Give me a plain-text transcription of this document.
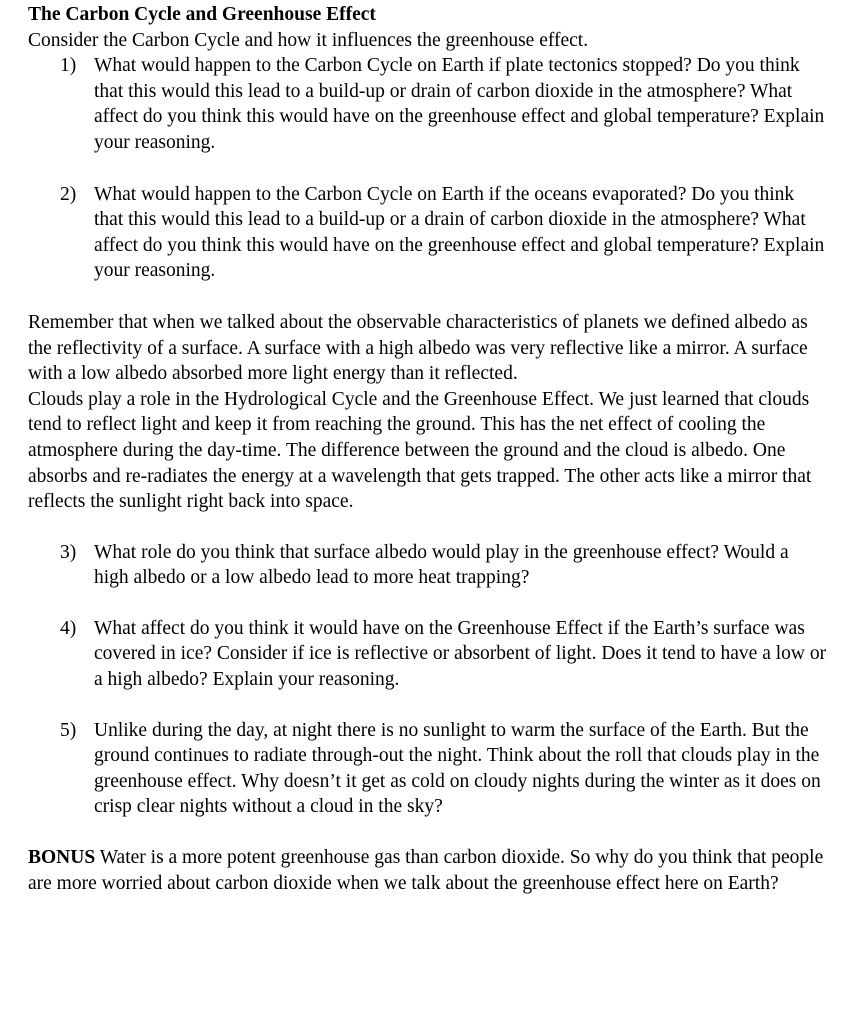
The Carbon Cycle and Greenhouse Effect

Consider the Carbon Cycle and how it influences the greenhouse effect.

1) What would happen to the Carbon Cycle on Earth if plate tectonics stopped? Do you think that this would this lead to a build-up or drain of carbon dioxide in the atmosphere? What affect do you think this would have on the greenhouse effect and global temperature? Explain your reasoning.
2) What would happen to the Carbon Cycle on Earth if the oceans evaporated? Do you think that this would this lead to a build-up or a drain of carbon dioxide in the atmosphere? What affect do you think this would have on the greenhouse effect and global temperature? Explain your reasoning.

Remember that when we talked about the observable characteristics of planets we defined albedo as the reflectivity of a surface. A surface with a high albedo was very reflective like a mirror. A surface with a low albedo absorbed more light energy than it reflected.

Clouds play a role in the Hydrological Cycle and the Greenhouse Effect. We just learned that clouds tend to reflect light and keep it from reaching the ground. This has the net effect of cooling the atmosphere during the day-time. The difference between the ground and the cloud is albedo. One absorbs and re-radiates the energy at a wavelength that gets trapped. The other acts like a mirror that reflects the sunlight right back into space.

3) What role do you think that surface albedo would play in the greenhouse effect? Would a high albedo or a low albedo lead to more heat trapping?
4) What affect do you think it would have on the Greenhouse Effect if the Earth’s surface was covered in ice? Consider if ice is reflective or absorbent of light. Does it tend to have a low or a high albedo? Explain your reasoning.
5) Unlike during the day, at night there is no sunlight to warm the surface of the Earth. But the ground continues to radiate through-out the night. Think about the roll that clouds play in the greenhouse effect. Why doesn’t it get as cold on cloudy nights during the winter as it does on crisp clear nights without a cloud in the sky?

BONUS Water is a more potent greenhouse gas than carbon dioxide. So why do you think that people are more worried about carbon dioxide when we talk about the greenhouse effect here on Earth?
